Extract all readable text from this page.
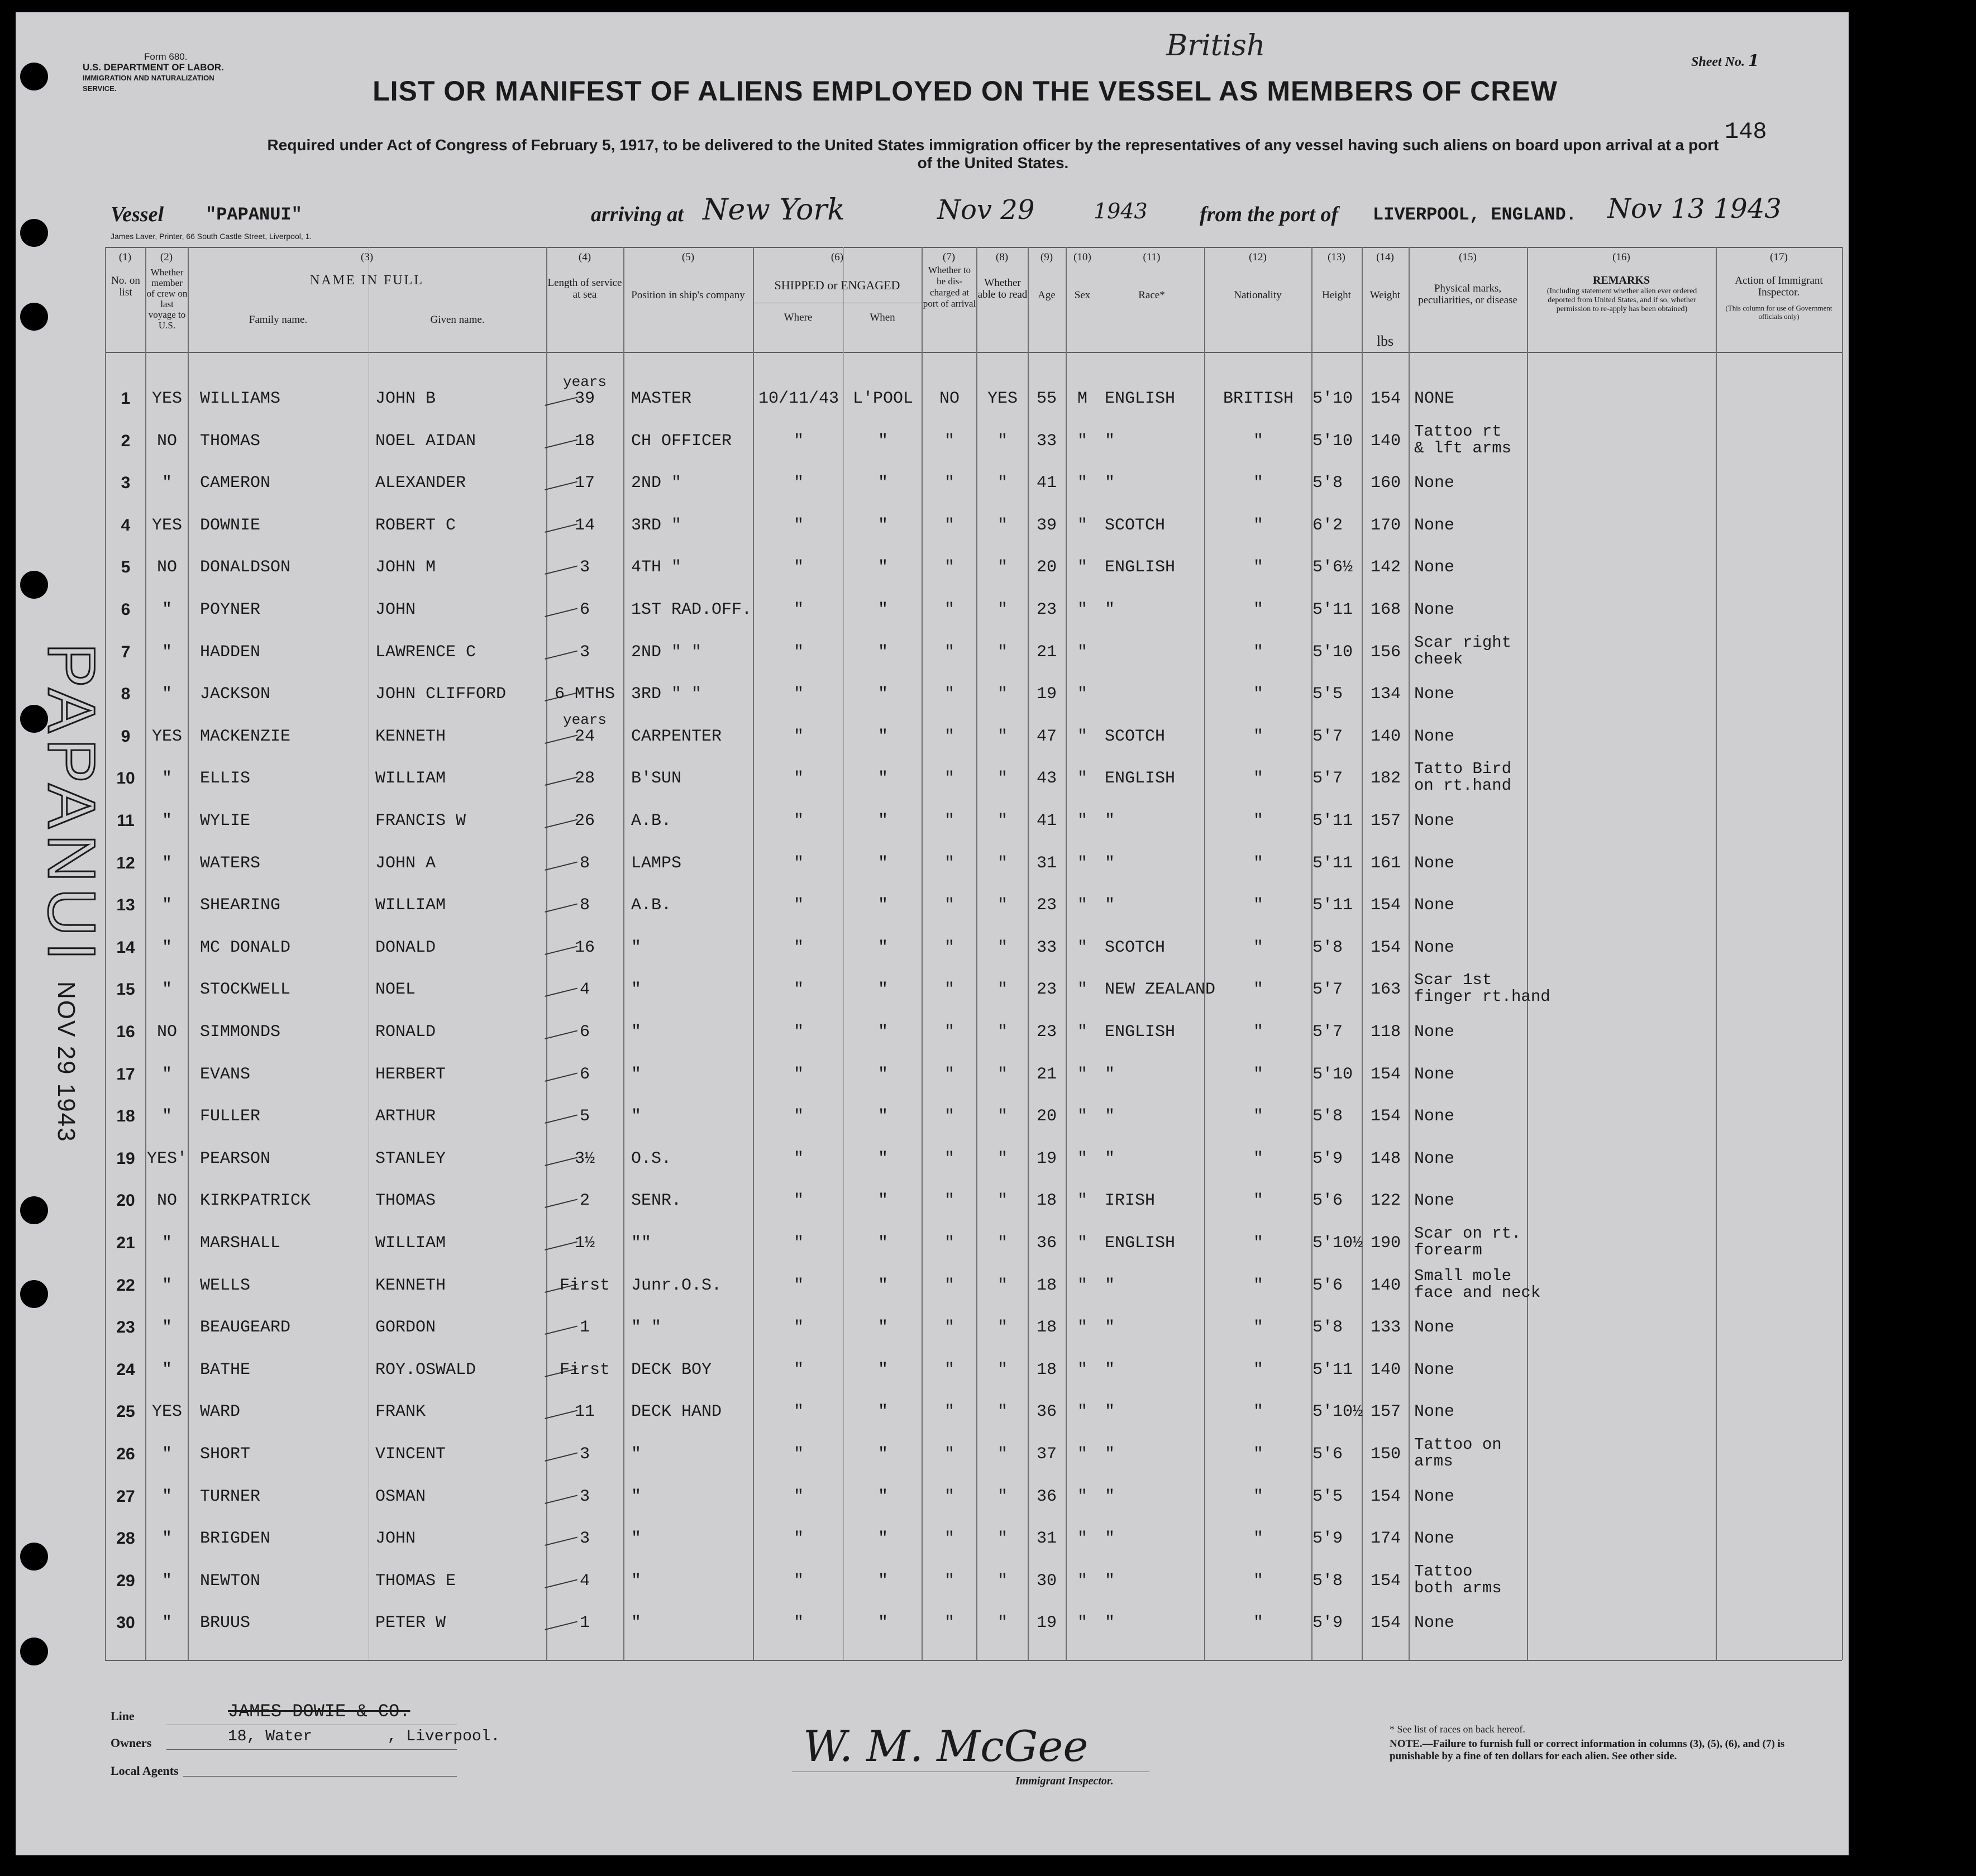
Form 680.
U.S. DEPARTMENT OF LABOR.
IMMIGRATION AND NATURALIZATION SERVICE.
Sheet No. 1
British
LIST OR MANIFEST OF ALIENS EMPLOYED ON THE VESSEL AS MEMBERS OF CREW
Required under Act of Congress of February 5, 1917, to be delivered to the United States immigration officer by the representatives of any vessel having such aliens on board upon arrival at a port of the United States.
148
Vessel "PAPANUI"	arriving at New York	Nov 29	1943 from the port of LIVERPOOL, ENGLAND. Nov 13 1943
James Laver, Printer, 66 South Castle Street, Liverpool, 1.
(1)	(2)	(3)	(4)	(5)	(6)	(7)	(8)	(9)	(10)	(11)	(12)	(13)	(14)	(15)	(16)	(17)
No. on list
Whether member of crew on last voyage to U.S.
NAME IN FULL
Family name.	Given name.
Length of service at sea	Position in ship's company
SHIPPED or ENGAGED
Where	When
Whether to be dis-charged at port of arrival
Whether able to read Age	Sex	Race*	Nationality	Height	Weight
lbs
Physical marks, peculiarities, or disease
REMARKS
(Including statement whether alien ever ordered deported from United States, and if so, whether permission to re-apply has been obtained)
Action of Immigrant Inspector.
(This column for use of Government officials only)
1	YES	WILLIAMS	JOHN B	MASTER	10/11/43 L'POOL	NO	YES	55	M	ENGLISH	BRITISH	5'10	154
39
years
NONE
2	NO	THOMAS	NOEL AIDAN	CH OFFICER	"	"	"	"	33	"	"	"	5'10	140
18
Tattoo rt
& lft arms
3	"	CAMERON	ALEXANDER	2ND "	"	"	"	"	41	"	"	"	5'8	160
17	None
4	YES	DOWNIE	ROBERT C	3RD "	"	"	"	"	39	"	SCOTCH	"	6'2	170
14	None
5	NO	DONALDSON	JOHN M	4TH "	"	"	"	"	20	"	ENGLISH	"	5'6½	142
3	None
6	"	POYNER	JOHN	1ST RAD.OFF.	"	"	"	"	23	"	"	"	5'11	168
6	None
7	"	HADDEN	LAWRENCE C	2ND " "	"	"	"	"	21	"	"	5'10	156
3
Scar right
cheek
8	"	JACKSON	JOHN CLIFFORD	3RD " "	"	"	"	"	19	"	"	5'5	134
6 MTHS	None
9	YES	MACKENZIE	KENNETH	CARPENTER	"	"	"	"	47	"	SCOTCH	"	5'7	140
24
years
None
10	"	ELLIS	WILLIAM	B'SUN	"	"	"	"	43	"	ENGLISH	"	5'7	182
28
Tatto Bird
on rt.hand
11	"	WYLIE	FRANCIS W	A.B.	"	"	"	"	41	"	"	"	5'11	157
26	None
12	"	WATERS	JOHN A	LAMPS	"	"	"	"	31	"	"	"	5'11	161
8	None
13	"	SHEARING	WILLIAM	A.B.	"	"	"	"	23	"	"	"	5'11	154
8	None
14	"	MC DONALD	DONALD	"	"	"	"	"	33	"	SCOTCH	"	5'8	154
16	None
15	"	STOCKWELL	NOEL	"	"	"	"	"	23	"	NEW ZEALAND	"	5'7	163
4
Scar 1st
finger rt.hand
16	NO	SIMMONDS	RONALD	"	"	"	"	"	23	"	ENGLISH	"	5'7	118
6	None
17	"	EVANS	HERBERT	"	"	"	"	"	21	"	"	"	5'10	154
6	None
18	"	FULLER	ARTHUR	"	"	"	"	"	20	"	"	"	5'8	154
5	None
19 YES' PEARSON	STANLEY	O.S.	"	"	"	"	19	"	"	"	5'9	148
3½	None
20	NO	KIRKPATRICK	THOMAS	SENR.	"	"	"	"	18	"	IRISH	"	5'6	122
2	None
21	"	MARSHALL	WILLIAM	""	"	"	"	"	36	"	ENGLISH	"	5'10½ 190
1½
Scar on rt.
forearm
22	"	WELLS	KENNETH	Junr.O.S.	"	"	"	"	18	"	"	"	5'6	140
First
Small mole
face and neck
23	"	BEAUGEARD	GORDON	" "	"	"	"	"	18	"	"	"	5'8	133
1	None
24	"	BATHE	ROY.OSWALD	DECK BOY	"	"	"	"	18	"	"	"	5'11	140
First	None
25	YES	WARD	FRANK	DECK HAND	"	"	"	"	36	"	"	"	5'10½ 157
11	None
26	"	SHORT	VINCENT	"	"	"	"	"	37	"	"	"	5'6	150
3
Tattoo on
arms
27	"	TURNER	OSMAN	"	"	"	"	"	36	"	"	"	5'5	154
3	None
28	"	BRIGDEN	JOHN	"	"	"	"	"	31	"	"	"	5'9	174
3	None
29	"	NEWTON	THOMAS E	"	"	"	"	"	30	"	"	"	5'8	154
4
Tattoo
both arms
30	"	BRUUS	PETER W	"	"	"	"	"	19	"	"	"	5'9	154
1	None
Line	JAMES DOWIE & CO.
Owners	18, Water        , Liverpool.
Local Agents	W. M. McGee
Immigrant Inspector.
* See list of races on back hereof.
NOTE.—Failure to furnish full or correct information in columns (3), (5), (6), and (7) is punishable by a fine of ten dollars for each alien. See other side.
PAPANUI
NOV 29 1943
